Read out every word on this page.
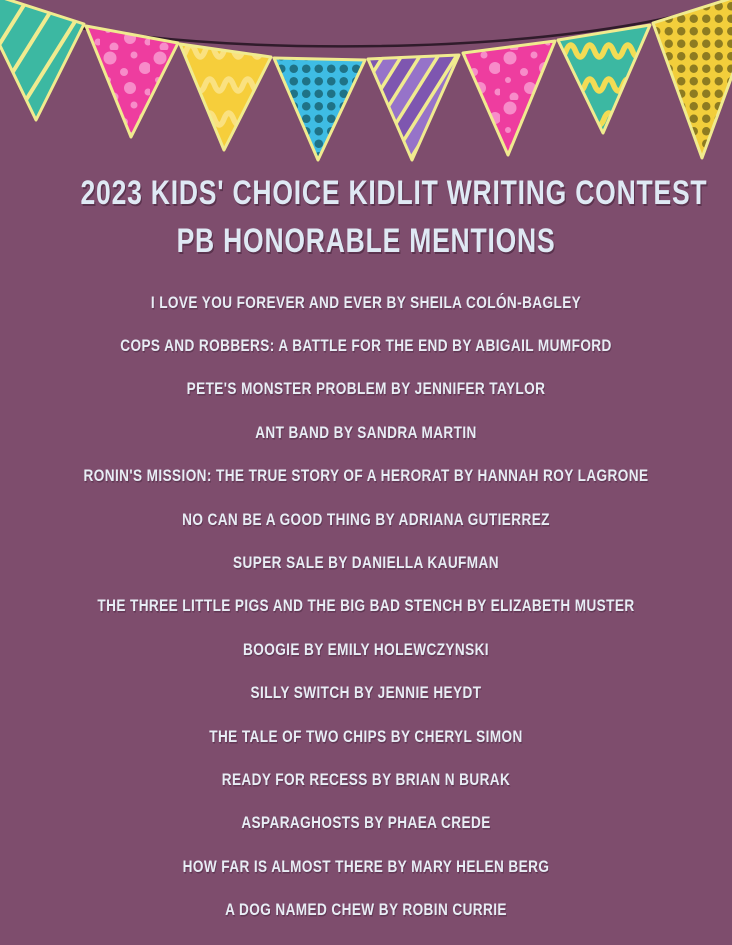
2023 KIDS' CHOICE KIDLIT WRITING CONTEST
PB HONORABLE MENTIONS
I LOVE YOU FOREVER AND EVER BY SHEILA COLÓN-BAGLEY
COPS AND ROBBERS: A BATTLE FOR THE END BY ABIGAIL MUMFORD
PETE'S MONSTER PROBLEM BY JENNIFER TAYLOR
ANT BAND BY SANDRA MARTIN
RONIN'S MISSION: THE TRUE STORY OF A HERORAT BY HANNAH ROY LAGRONE
NO CAN BE A GOOD THING BY ADRIANA GUTIERREZ
SUPER SALE BY DANIELLA KAUFMAN
THE THREE LITTLE PIGS AND THE BIG BAD STENCH BY ELIZABETH MUSTER
BOOGIE BY EMILY HOLEWCZYNSKI
SILLY SWITCH BY JENNIE HEYDT
THE TALE OF TWO CHIPS BY CHERYL SIMON
READY FOR RECESS BY BRIAN N BURAK
ASPARAGHOSTS BY PHAEA CREDE
HOW FAR IS ALMOST THERE BY MARY HELEN BERG
A DOG NAMED CHEW BY ROBIN CURRIE
